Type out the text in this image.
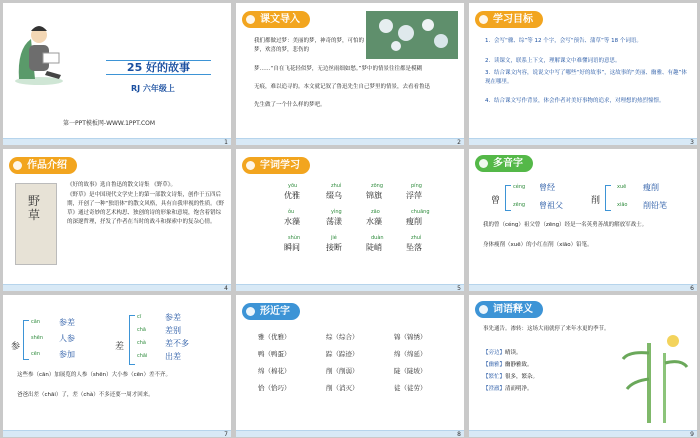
25 好的故事
RJ 六年级上
第一PPT模板网-WWW.1PPT.COM
1
课文导入
我们都做过梦：美丽的梦，神奇的梦，可怕的梦，欢喜的梦，悲伤的
梦……“自在飞花轻似梦，无边丝雨细如愁。”梦中的情景往往都是模糊
无痕，难以追寻的。本文就记叙了鲁迅先生自己梦里的情景，去看看鲁迅
先生做了一个什么样的梦吧。
2
学习目标
1．会写“骤、综”等 12 个字，会写“预告、蒲草”等 18 个词语。
2．读课文，联系上下文，理解课文中难懂词语的意思。
3．结合课文内容，说说文中写了哪些“好的故事”，这故事的“美丽、幽雅、有趣”体现在哪里。
4．结合课文写作背景，体会作者对美好事物的追求，对理想的热烈憧憬。
3
作品介绍
野草
《好的故事》选自鲁迅的散文诗集 《野草》。
《野草》是中国现代文学史上的第一部散文诗集，创作于五四后期，开创了一种“独语体”的散文风格，具有自我审视的性质。《野草》通过奇妙的艺术构思、独创的诗的形象和意境，饱含着错综的深邃哲理，抒发了作者在当时的战斗和探索中的复杂心情。
4
字词学习
yōu
优雅
zhuì
缀乌
zōng
锦旗
píng
浮萍
ǒu
水藻
yìng
荡漾
zāo
水藻
chuāng
瘦削
shùn
瞬间
jié
接断
duàn
陡峭
zhuì
坠落
5
多音字
曾
céng 曾经
zēng 曾祖父	削
xuē 瘦削
xiāo 削铅笔
我的曾（céng）祖父曾（zēng）经是一名英勇善战的解放军战士。
身体瘦削（xuē）的小红在削（xiāo）铅笔。
6
参
cān 参差
shēn 人参
cēn 参加
差
cī	参差
chā 差别
chà 差不多
chāi 出差
这些参（cān）加展览的人参（shēn）大小参（cēn）差不齐。
爸爸出差（chāi）了，差（chà）不多还要一周才回来。
7
形近字
雅（优雅）
鸭（鸭蛋）
绵（棉花）
恰（恰巧）
综（综合）
踪（踪迹）
削（削弱）
削（消灭）
锦（锦绣）
绵（绵延）
陡（陡坡）
徒（徒劳）
8
词语释义
事先通告。渗转：这场大雨就停了来年水更的季节。
【旁边】晴读。
【幽雅】幽静雅致。
【繁忙】很多，繁杂。
【澄澈】清而明净。
9
